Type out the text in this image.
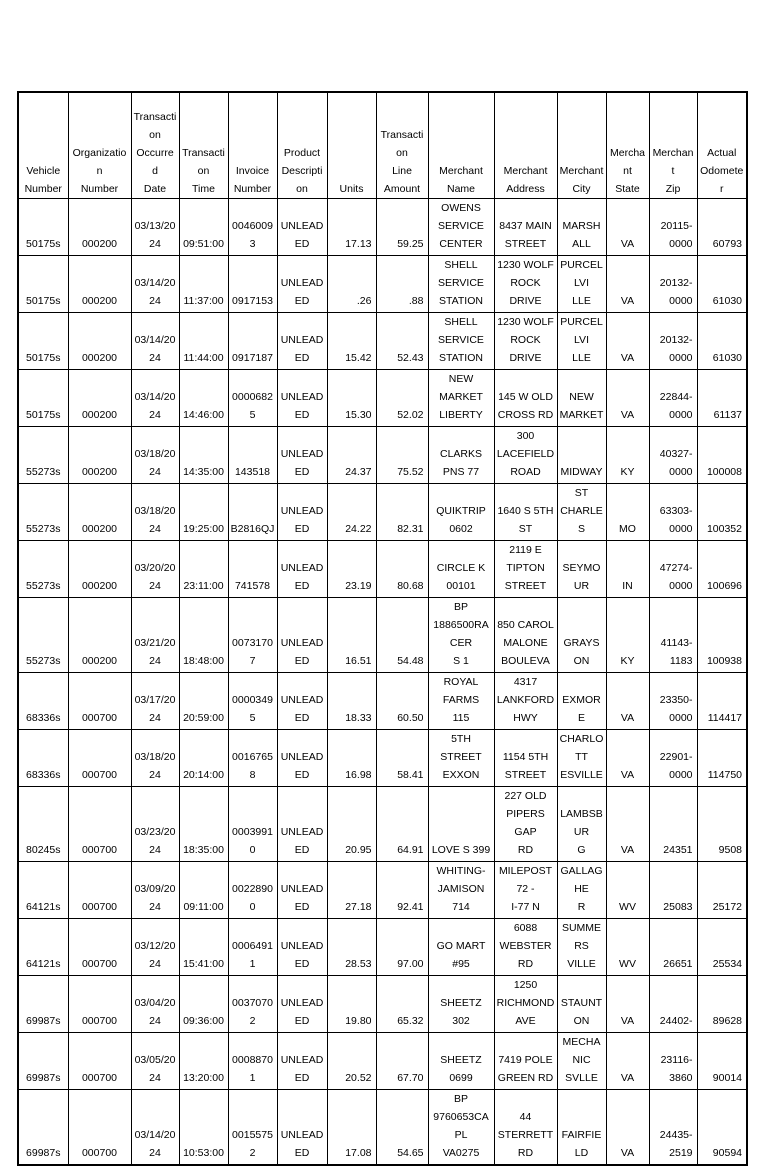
Vehicle
Number	Organization
Number	Transaction
Occurred
Date	Transaction
Time	Invoice
Number	Product
Description	Units	Transaction
Line
Amount	Merchant Name	Merchant
Address	Merchant
City	Merchant
State	Merchant
Zip	Actual
Odometer

50175s	000200	03/13/2024	09:51:00	00460093	UNLEADED	17.13	59.25	OWENS
SERVICE
CENTER	8437 MAIN
STREET	MARSHALL	VA	20115-0000	60793

50175s	000200	03/14/2024	11:37:00	0917153	UNLEADED	.26	.88	SHELL
SERVICE
STATION	1230 WOLF
ROCK DRIVE	PURCELLVI
LLE	VA	20132-0000	61030

50175s	000200	03/14/2024	11:44:00	0917187	UNLEADED	15.42	52.43	SHELL
SERVICE
STATION	1230 WOLF
ROCK DRIVE	PURCELLVI
LLE	VA	20132-0000	61030

50175s	000200	03/14/2024	14:46:00	00006825	UNLEADED	15.30	52.02	NEW MARKET
LIBERTY	145 W OLD
CROSS RD	NEW
MARKET	VA	22844-0000	61137

55273s	000200	03/18/2024	14:35:00	143518	UNLEADED	24.37	75.52	CLARKS PNS 77	300
LACEFIELD
ROAD	MIDWAY	KY	40327-0000	100008

55273s	000200	03/18/2024	19:25:00	B2816QJ	UNLEADED	24.22	82.31	QUIKTRIP 0602	1640 S 5TH ST	ST
CHARLES	MO	63303-0000	100352

55273s	000200	03/20/2024	23:11:00	741578	UNLEADED	23.19	80.68	CIRCLE K 00101	2119 E TIPTON
STREET	SEYMOUR	IN	47274-0000	100696

55273s	000200	03/21/2024	18:48:00	00731707	UNLEADED	16.51	54.48	BP
1886500RACER
S 1	850 CAROL
MALONE
BOULEVA	GRAYSON	KY	41143-1183	100938

68336s	000700	03/17/2024	20:59:00	00003495	UNLEADED	18.33	60.50	ROYAL FARMS
115	4317
LANKFORD
HWY	EXMORE	VA	23350-0000	114417

68336s	000700	03/18/2024	20:14:00	00167658	UNLEADED	16.98	58.41	5TH STREET
EXXON	1154 5TH
STREET	CHARLOTT
ESVILLE	VA	22901-0000	114750

80245s	000700	03/23/2024	18:35:00	00039910	UNLEADED	20.95	64.91	LOVE S 399	227 OLD
PIPERS GAP
RD	LAMBSBUR
G	VA	24351	9508

64121s	000700	03/09/2024	09:11:00	00228900	UNLEADED	27.18	92.41	WHITING-
JAMISON 714	MILEPOST 72 -
I-77 N	GALLAGHE
R	WV	25083	25172

64121s	000700	03/12/2024	15:41:00	00064911	UNLEADED	28.53	97.00	GO MART #95	6088
WEBSTER RD	SUMMERS
VILLE	WV	26651	25534

69987s	000700	03/04/2024	09:36:00	00370702	UNLEADED	19.80	65.32	SHEETZ 302	1250
RICHMOND
AVE	STAUNTON	VA	24402-	89628

69987s	000700	03/05/2024	13:20:00	00088701	UNLEADED	20.52	67.70	SHEETZ 0699	7419 POLE
GREEN RD	MECHANIC
SVLLE	VA	23116-3860	90014

69987s	000700	03/14/2024	10:53:00	00155752	UNLEADED	17.08	54.65	BP
9760653CAPL
VA0275	44 STERRETT
RD	FAIRFIELD	VA	24435-2519	90594
